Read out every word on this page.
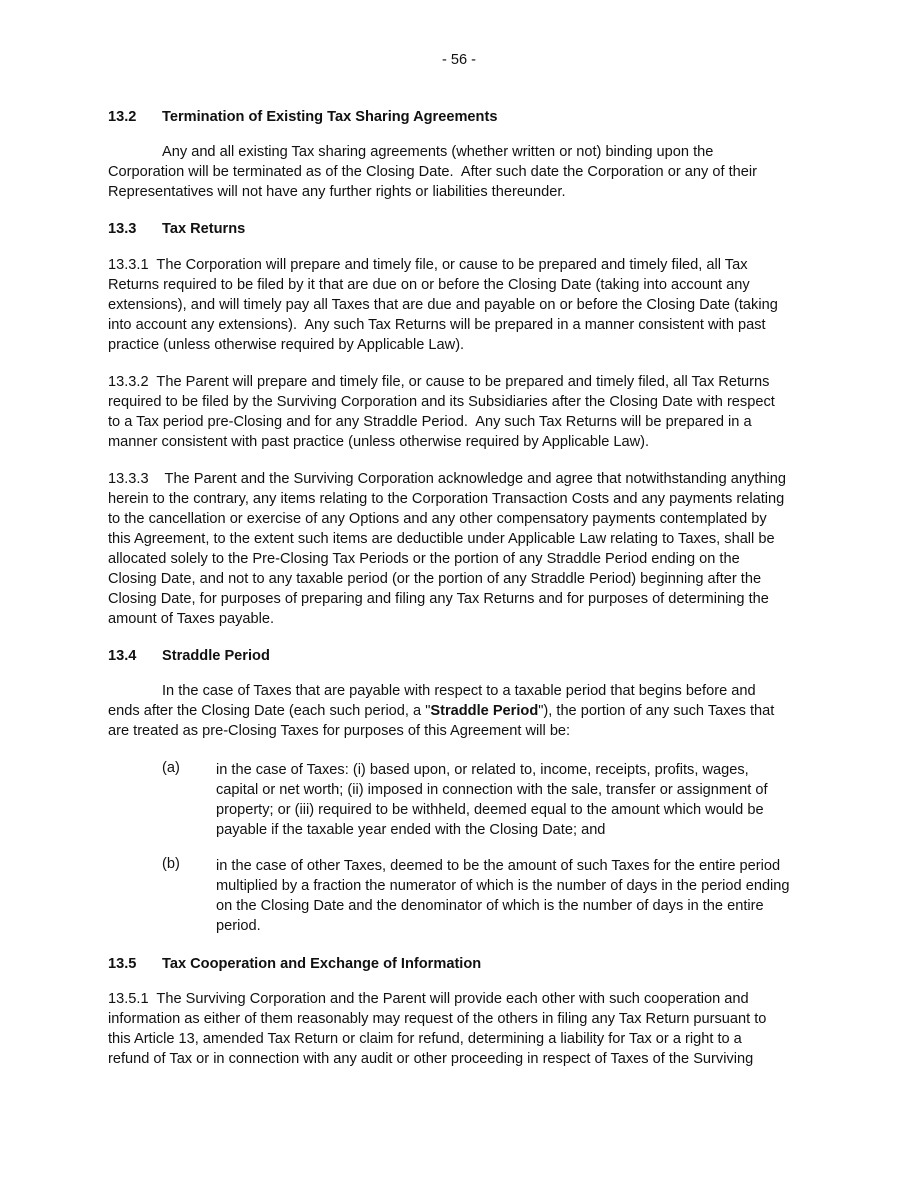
- 56 -
13.2 Termination of Existing Tax Sharing Agreements
Any and all existing Tax sharing agreements (whether written or not) binding upon the
Corporation will be terminated as of the Closing Date.  After such date the Corporation or any of their
Representatives will not have any further rights or liabilities thereunder.
13.3 Tax Returns
13.3.1  The Corporation will prepare and timely file, or cause to be prepared and timely filed, all Tax
Returns required to be filed by it that are due on or before the Closing Date (taking into account any
extensions), and will timely pay all Taxes that are due and payable on or before the Closing Date (taking
into account any extensions).  Any such Tax Returns will be prepared in a manner consistent with past
practice (unless otherwise required by Applicable Law).
13.3.2  The Parent will prepare and timely file, or cause to be prepared and timely filed, all Tax Returns
required to be filed by the Surviving Corporation and its Subsidiaries after the Closing Date with respect
to a Tax period pre-Closing and for any Straddle Period.  Any such Tax Returns will be prepared in a
manner consistent with past practice (unless otherwise required by Applicable Law).
13.3.3    The Parent and the Surviving Corporation acknowledge and agree that notwithstanding anything
herein to the contrary, any items relating to the Corporation Transaction Costs and any payments relating
to the cancellation or exercise of any Options and any other compensatory payments contemplated by
this Agreement, to the extent such items are deductible under Applicable Law relating to Taxes, shall be
allocated solely to the Pre-Closing Tax Periods or the portion of any Straddle Period ending on the
Closing Date, and not to any taxable period (or the portion of any Straddle Period) beginning after the
Closing Date, for purposes of preparing and filing any Tax Returns and for purposes of determining the
amount of Taxes payable.
13.4 Straddle Period
In the case of Taxes that are payable with respect to a taxable period that begins before and
ends after the Closing Date (each such period, a "Straddle Period"), the portion of any such Taxes that
are treated as pre-Closing Taxes for purposes of this Agreement will be:
(a)	in the case of Taxes: (i) based upon, or related to, income, receipts, profits, wages,
capital or net worth; (ii) imposed in connection with the sale, transfer or assignment of
property; or (iii) required to be withheld, deemed equal to the amount which would be
payable if the taxable year ended with the Closing Date; and
(b)	in the case of other Taxes, deemed to be the amount of such Taxes for the entire period
multiplied by a fraction the numerator of which is the number of days in the period ending
on the Closing Date and the denominator of which is the number of days in the entire
period.
13.5 Tax Cooperation and Exchange of Information
13.5.1  The Surviving Corporation and the Parent will provide each other with such cooperation and
information as either of them reasonably may request of the others in filing any Tax Return pursuant to
this Article 13, amended Tax Return or claim for refund, determining a liability for Tax or a right to a
refund of Tax or in connection with any audit or other proceeding in respect of Taxes of the Surviving
